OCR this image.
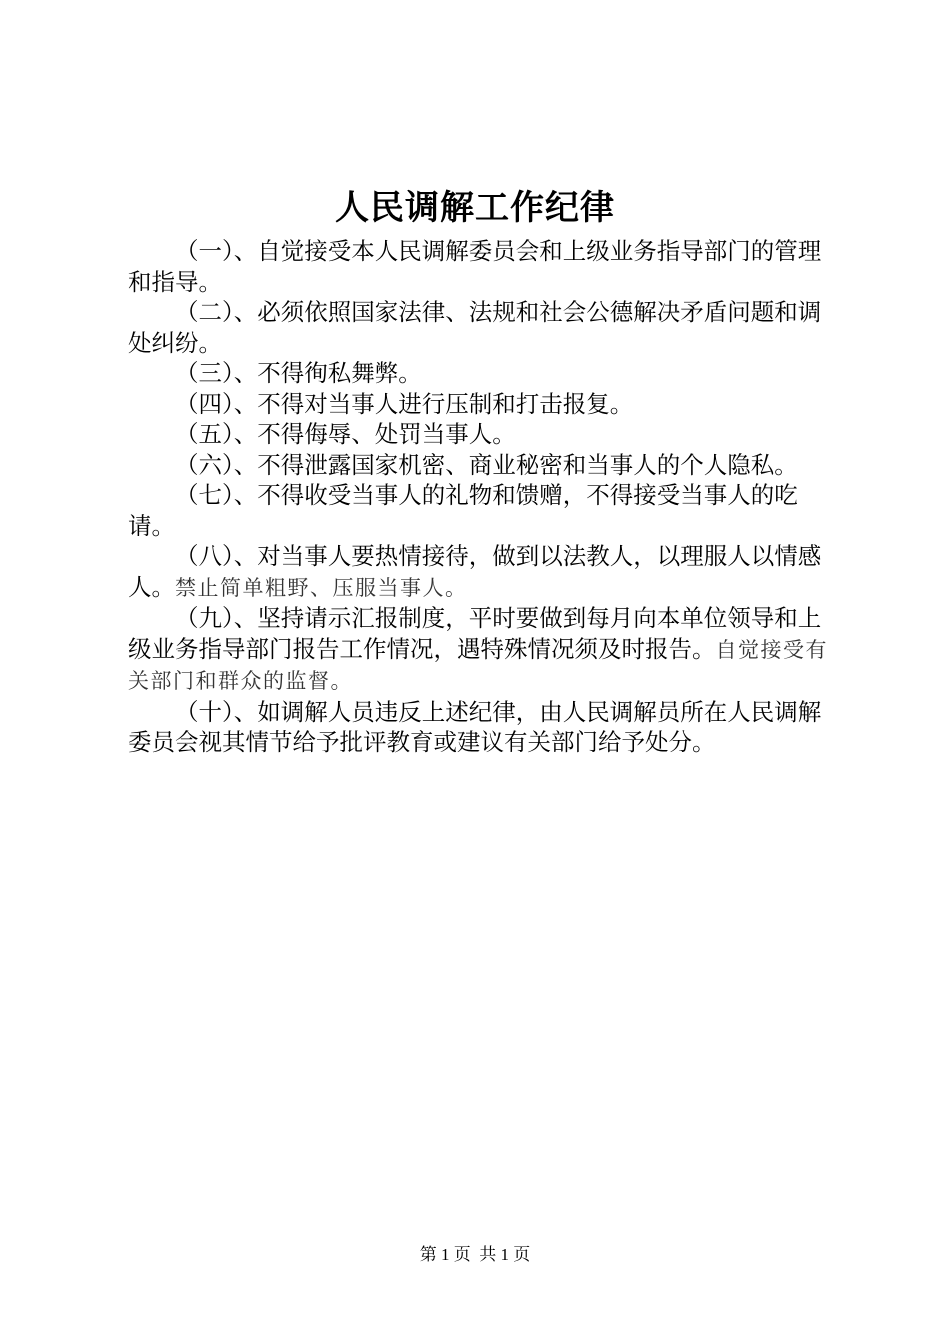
人民调解工作纪律

（一）、自觉接受本人民调解委员会和上级业务指导部门的管理和指导。

（二）、必须依照国家法律、法规和社会公德解决矛盾问题和调处纠纷。

（三）、不得徇私舞弊。

（四）、不得对当事人进行压制和打击报复。

（五）、不得侮辱、处罚当事人。

（六）、不得泄露国家机密、商业秘密和当事人的个人隐私。

（七）、不得收受当事人的礼物和馈赠，不得接受当事人的吃请。

（八）、对当事人要热情接待，做到以法教人，以理服人以情感人。禁止简单粗野、压服当事人。

（九）、坚持请示汇报制度，平时要做到每月向本单位领导和上级业务指导部门报告工作情况，遇特殊情况须及时报告。自觉接受有关部门和群众的监督。

（十）、如调解人员违反上述纪律，由人民调解员所在人民调解委员会视其情节给予批评教育或建议有关部门给予处分。

第 1 页  共 1 页
